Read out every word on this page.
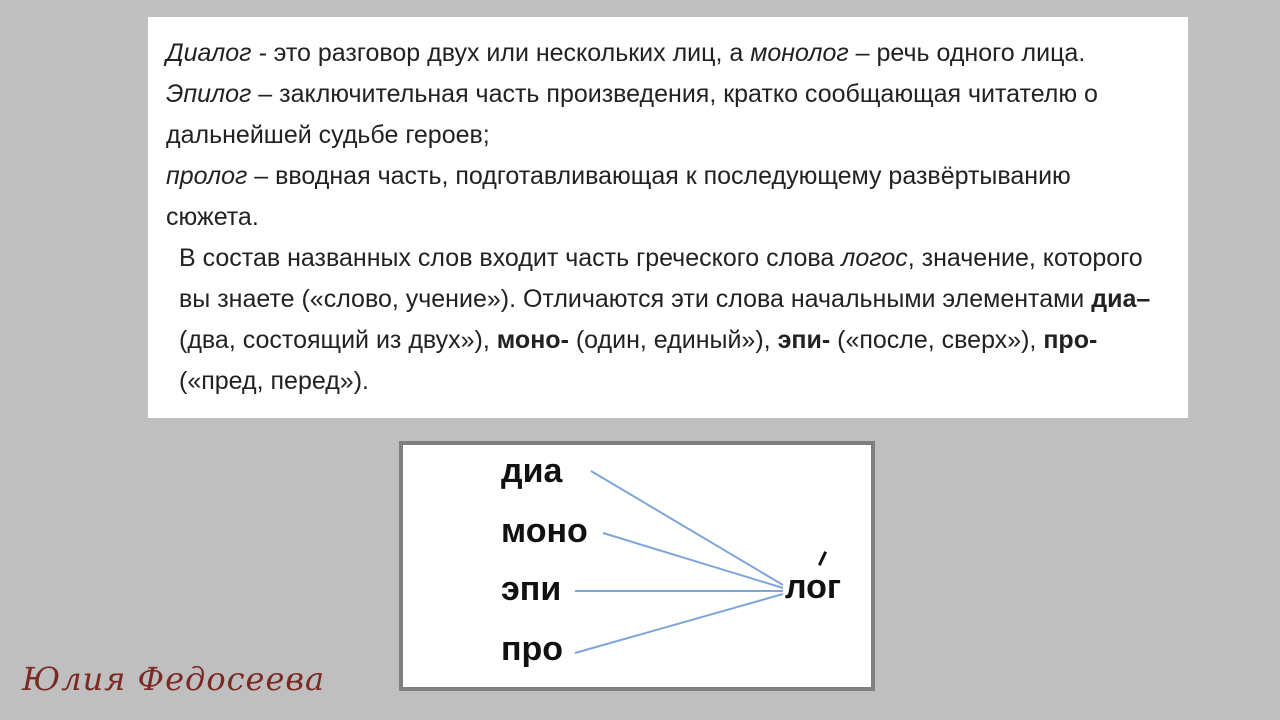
Диалог - это разговор двух или нескольких лиц, а монолог – речь одного лица. Эпилог – заключительная часть произведения, кратко сообщающая читателю о дальнейшей судьбе героев;

пролог – вводная часть, подготавливающая к последующему развёртыванию сюжета.

В состав названных слов входит часть греческого слова логос, значение, которого вы знаете («слово, учение»). Отличаются эти слова начальными элементами диа– (два, состоящий из двух»), моно- (один, единый»), эпи- («после, сверх»), про- («пред, перед»).

диа
моно
эпи
про
лог
Юлия Федосеева
